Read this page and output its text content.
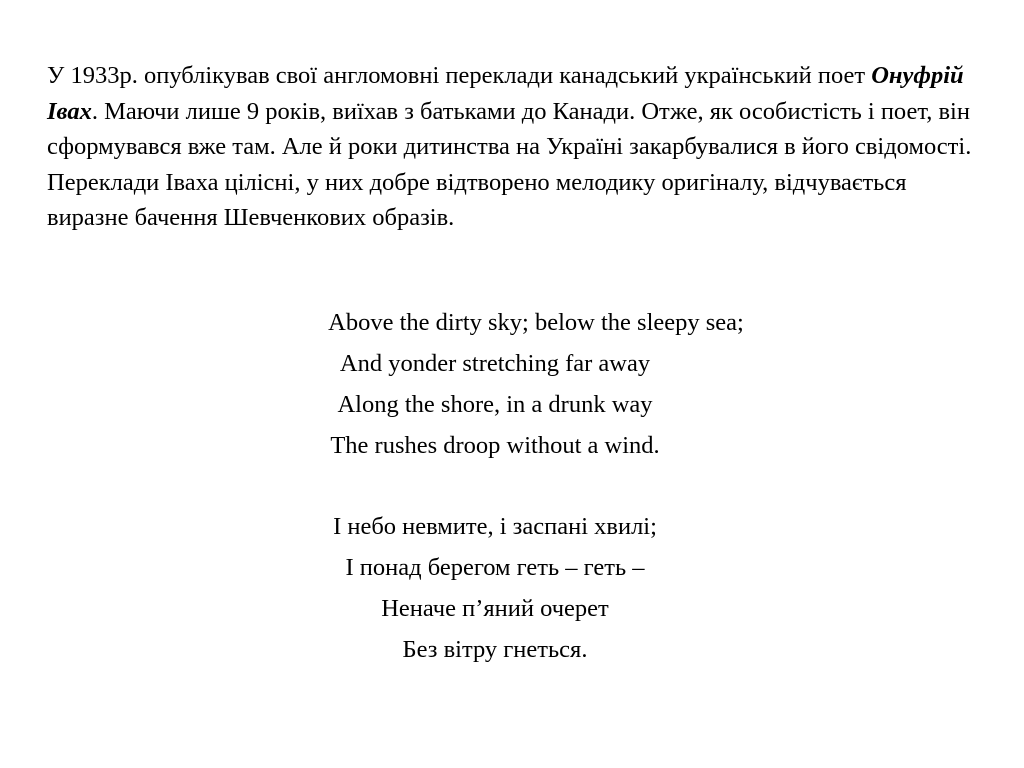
У 1933р. опублікував свої англомовні переклади канадський український поет Онуфрій Івах. Маючи лише 9 років, виїхав з батьками до Канади. Отже, як особистість і поет, він сформувався вже там. Але й роки дитинства на Україні закарбувалися в його свідомості. Переклади Іваха цілісні, у них добре відтворено мелодику оригіналу, відчувається виразне бачення Шевченкових образів.

Above the dirty sky; below the sleepy sea;
And yonder stretching far away
Along the shore, in a drunk way
The rushes droop without a wind.
І небо невмите, і заспані хвилі;
І понад берегом геть – геть –
Неначе п’яний очерет
Без вітру гнеться.
